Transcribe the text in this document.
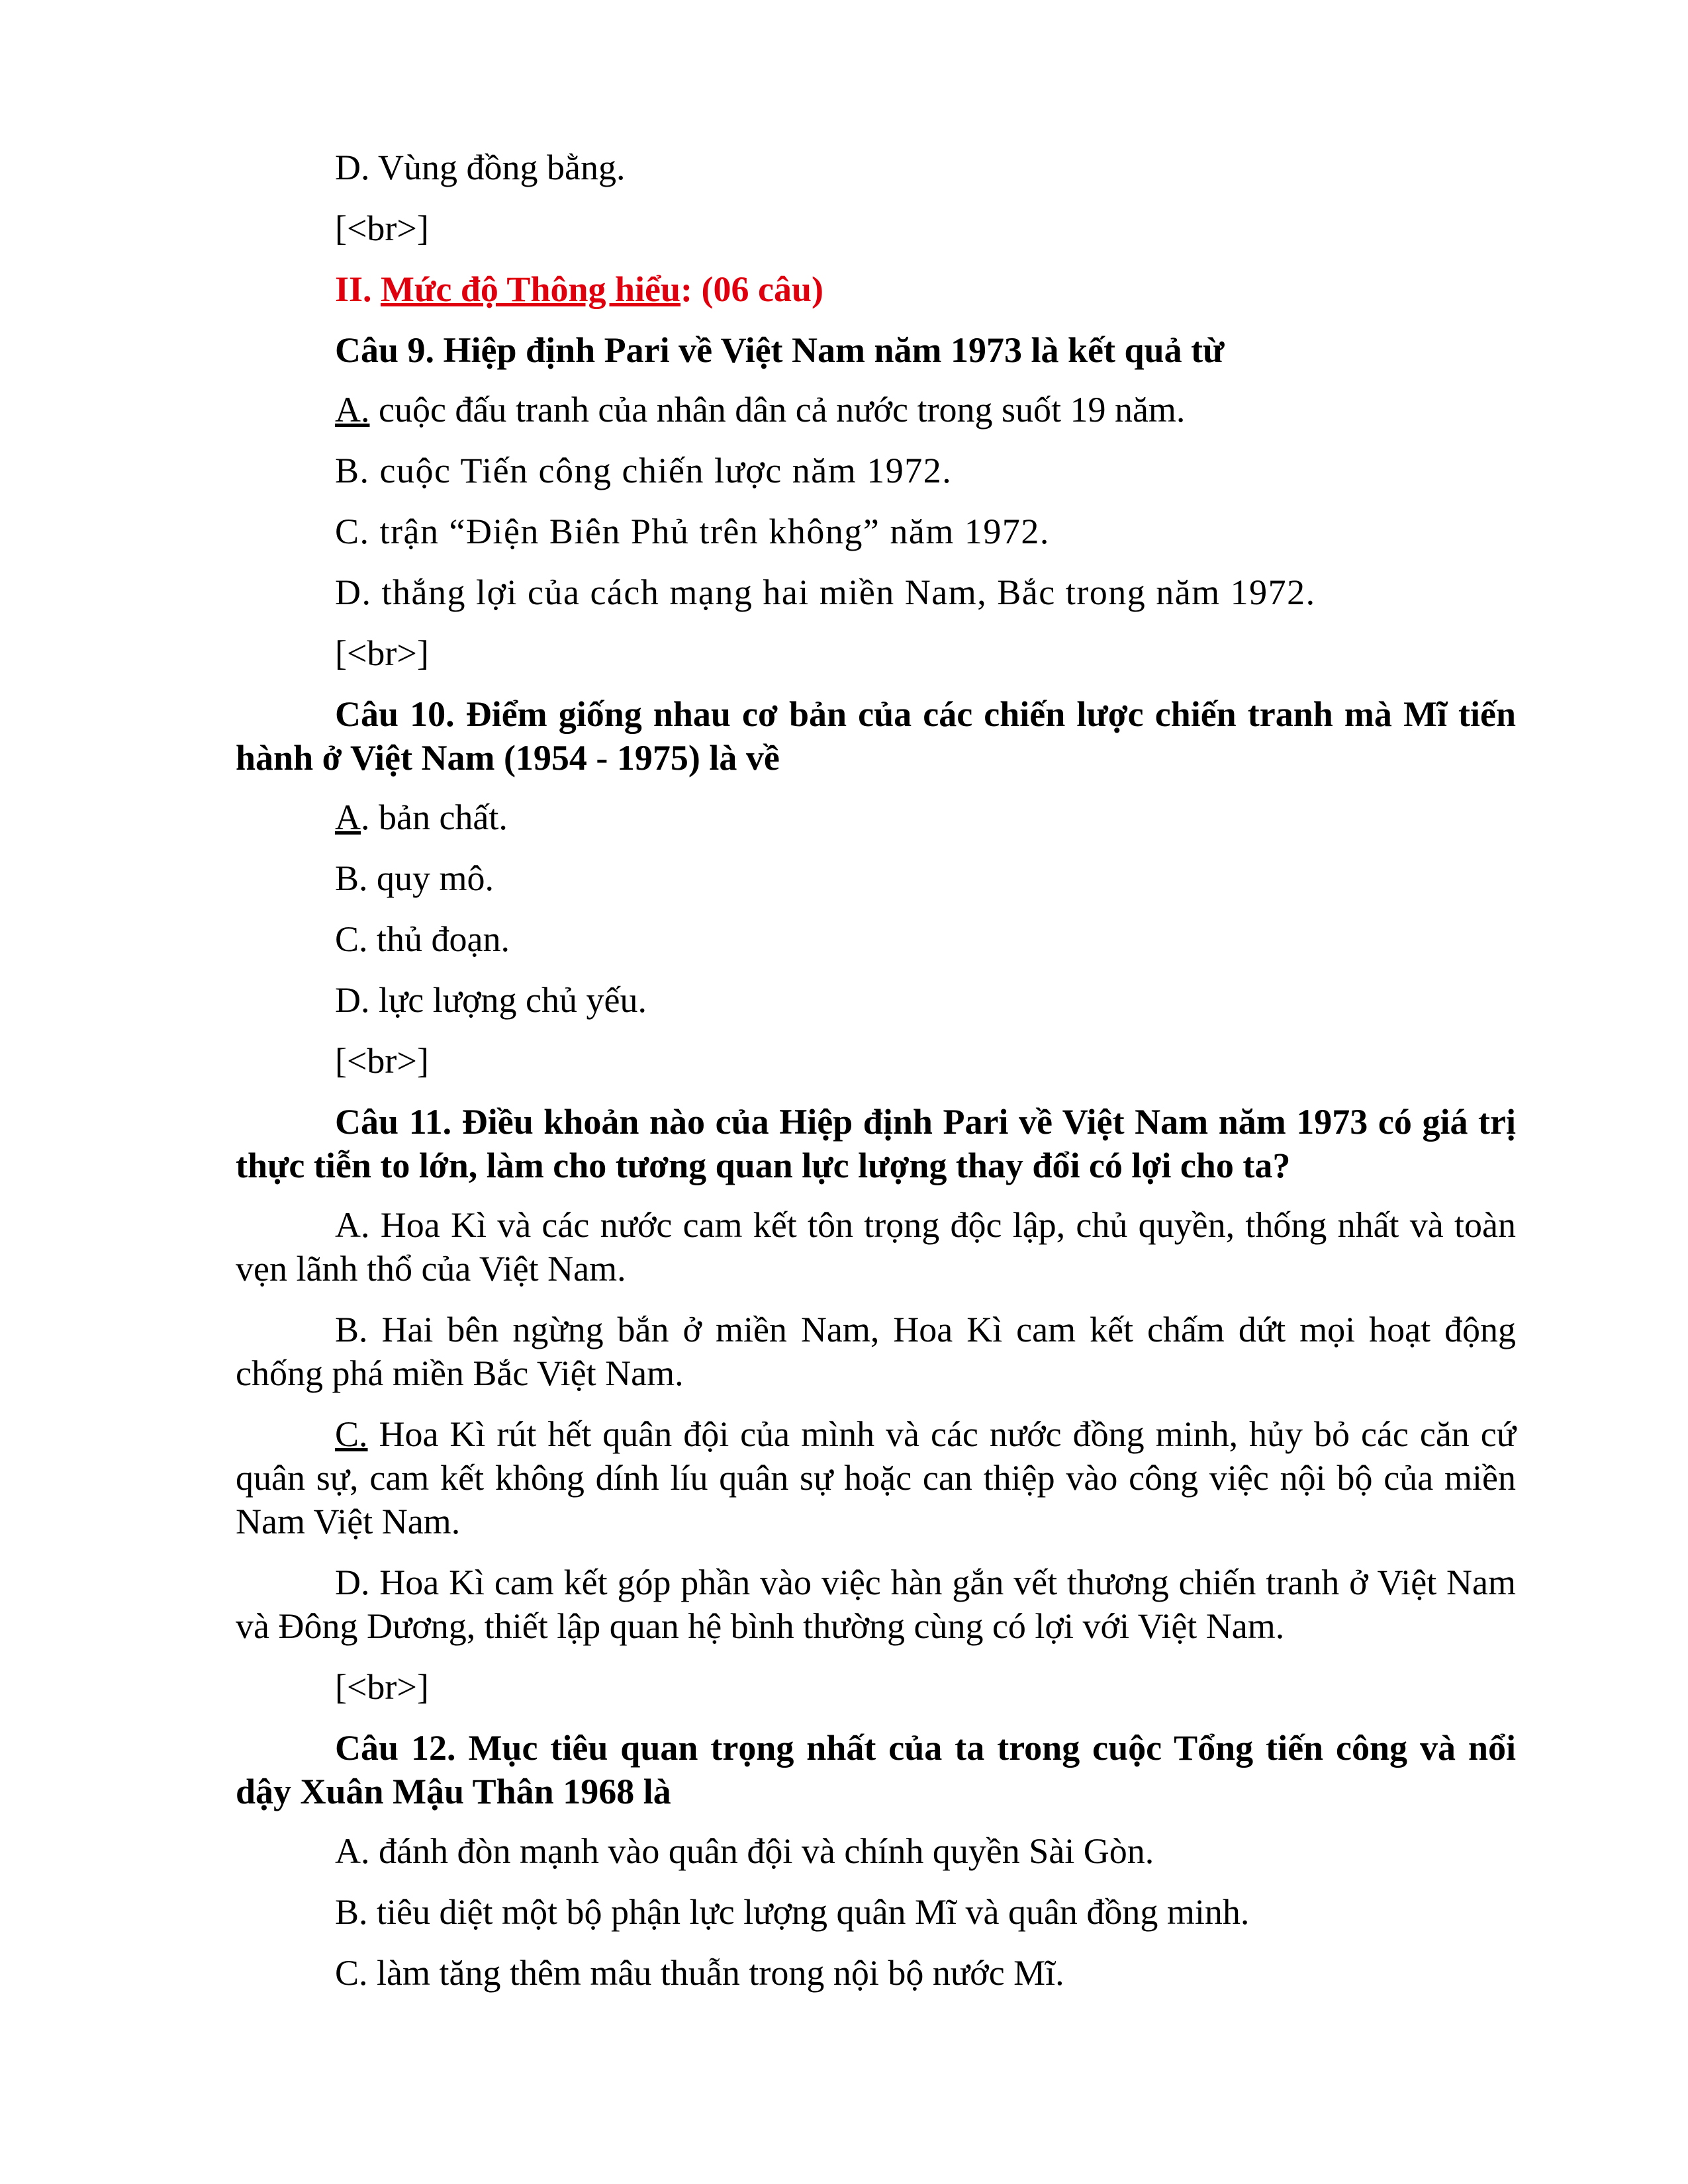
D. Vùng đồng bằng.

[<br>]

II. Mức độ Thông hiểu: (06 câu)

Câu 9. Hiệp định Pari về Việt Nam năm 1973 là kết quả từ

A. cuộc đấu tranh của nhân dân cả nước trong suốt 19 năm.

B. cuộc Tiến công chiến lược năm 1972.

C. trận “Điện Biên Phủ trên không” năm 1972.

D. thắng lợi của cách mạng hai miền Nam, Bắc trong năm 1972.

[<br>]

Câu 10. Điểm giống nhau cơ bản của các chiến lược chiến tranh mà Mĩ tiến hành ở Việt Nam (1954 - 1975) là về

A. bản chất.

B. quy mô.

C. thủ đoạn.

D. lực lượng chủ yếu.

[<br>]

Câu 11. Điều khoản nào của Hiệp định Pari về Việt Nam năm 1973 có giá trị thực tiễn to lớn, làm cho tương quan lực lượng thay đổi có lợi cho ta?

A. Hoa Kì và các nước cam kết tôn trọng độc lập, chủ quyền, thống nhất và toàn vẹn lãnh thổ của Việt Nam.

B. Hai bên ngừng bắn ở miền Nam, Hoa Kì cam kết chấm dứt mọi hoạt động chống phá miền Bắc Việt Nam.

C. Hoa Kì rút hết quân đội của mình và các nước đồng minh, hủy bỏ các căn cứ quân sự, cam kết không dính líu quân sự hoặc can thiệp vào công việc nội bộ của miền Nam Việt Nam.

D. Hoa Kì cam kết góp phần vào việc hàn gắn vết thương chiến tranh ở Việt Nam và Đông Dương, thiết lập quan hệ bình thường cùng có lợi với Việt Nam.

[<br>]

Câu 12. Mục tiêu quan trọng nhất của ta trong cuộc Tổng tiến công và nổi dậy Xuân Mậu Thân 1968 là

A. đánh đòn mạnh vào quân đội và chính quyền Sài Gòn.

B. tiêu diệt một bộ phận lực lượng quân Mĩ và quân đồng minh.

C. làm tăng thêm mâu thuẫn trong nội bộ nước Mĩ.
